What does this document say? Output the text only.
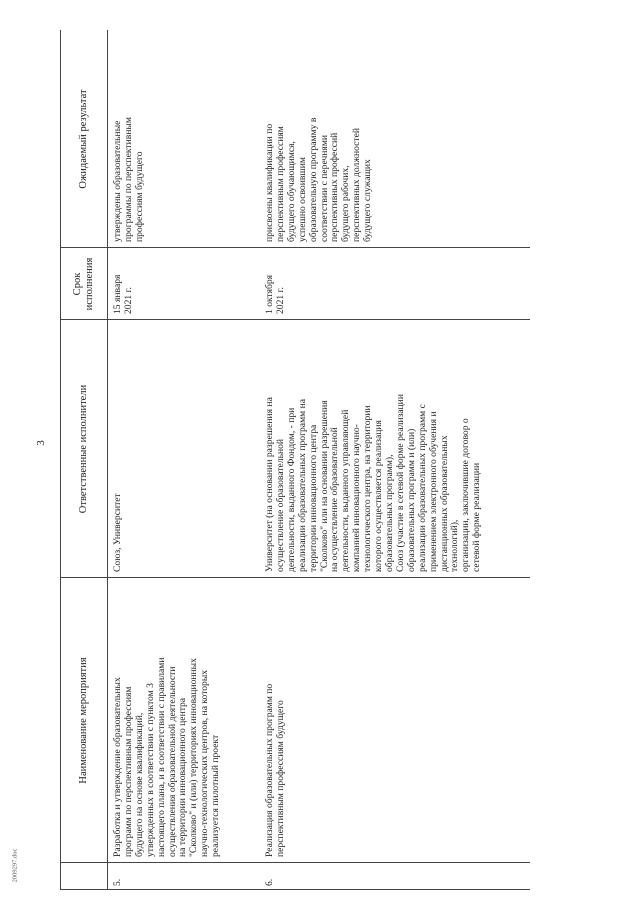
3
2009297.doc
Наименование мероприятия
Ответственные исполнители
Срок
исполнения
Ожидаемый результат
5.
Разработка и утверждение образовательных
программ по перспективным профессиям
будущего на основе квалификаций,
утвержденных в соответствии с пунктом 3
настоящего плана, и в соответствии с правилами
осуществления образовательной деятельности
на территории инновационного центра
"Сколково" и (или) территориях инновационных
научно-технологических центров, на которых
реализуется пилотный проект
Союз, Университет
15 января
2021 г.
утверждены образовательные
программы по перспективным
профессиям будущего
6.
Реализация образовательных программ по
перспективным профессиям будущего
Университет (на основании разрешения на
осуществление образовательной
деятельности, выданного Фондом, - при
реализации образовательных программ на
территории инновационного центра
"Сколково" или на основании разрешения
на осуществление образовательной
деятельности, выданного управляющей
компанией инновационного научно-
технологического центра, на территории
которого осуществляется реализация
образовательных программ),
Союз (участие в сетевой форме реализации
образовательных программ и (или)
реализации образовательных программ с
применением электронного обучения и
дистанционных образовательных
технологий),
организации, заключившие договор о
сетевой форме реализации
1 октября
2021 г.
присвоены квалификации по
перспективным профессиям
будущего обучающимся,
успешно освоившим
образовательную программу в
соответствии с перечнями
перспективных профессий
будущего рабочих,
перспективных должностей
будущего служащих
